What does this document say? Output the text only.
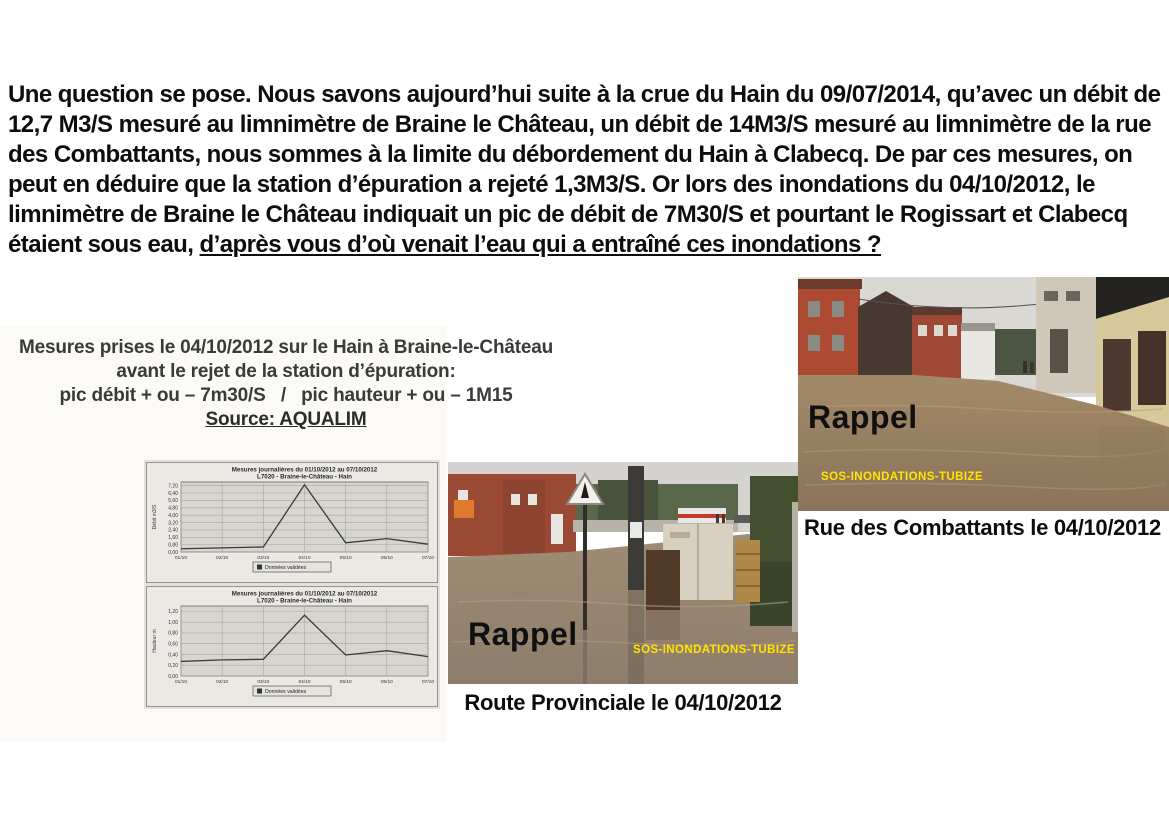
Une question se pose. Nous savons aujourd’hui suite à la crue du Hain du 09/07/2014, qu’avec un débit de 12,7 M3/S mesuré au limnimètre de Braine le Château, un débit de 14M3/S mesuré au limnimètre de la rue des Combattants, nous sommes à la limite du débordement du Hain à Clabecq. De par ces mesures, on peut en déduire que la station d’épuration a rejeté 1,3M3/S. Or lors des inondations du 04/10/2012, le limnimètre de Braine le Château indiquait un pic de débit de 7M30/S et pourtant le Rogissart et Clabecq étaient sous eau, d’après vous d’où venait l’eau qui a entraîné ces inondations ?
Mesures prises le 04/10/2012 sur le Hain à Braine-le-Château
avant le rejet de la station d’épuration:
pic débit + ou – 7m30/S   /   pic hauteur + ou – 1M15
Source: AQUALIM
0,00
0,80
1,60
2,40
3,20
4,00
4,80
5,60
6,40
7,20
01/10	02/10	03/10	04/10	05/10	06/10	07/10
Mesures journalières du 01/10/2012 au 07/10/2012
L7020 - Braine-le-Château - Hain
Débit m3/S
Données validées
0,00
0,20
0,40
0,60
0,80
1,00
1,20
01/10	02/10	03/10	04/10	05/10	06/10	07/10
Mesures journalières du 01/10/2012 au 07/10/2012
L7020 - Braine-le-Château - Hain
Hauteur m
Données validées
Rappel
SOS-INONDATIONS-TUBIZE
Rue des Combattants le 04/10/2012
Rappel	SOS-INONDATIONS-TUBIZE
Route Provinciale le 04/10/2012
